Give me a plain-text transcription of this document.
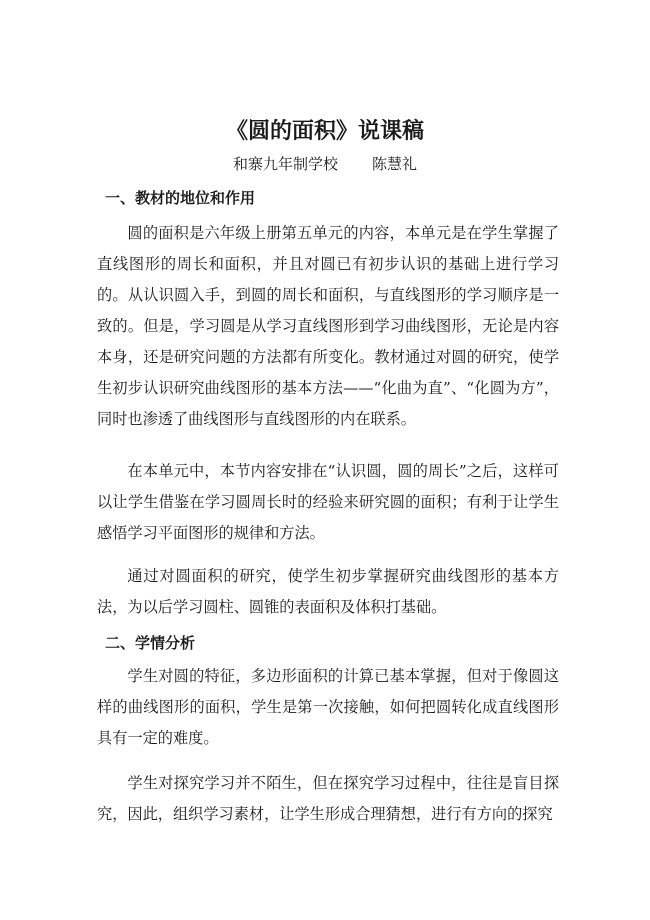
《圆的面积》说课稿
和寨九年制学校 陈慧礼
一、教材的地位和作用

圆的面积是六年级上册第五单元的内容，本单元是在学生掌握了直线图形的周长和面积，并且对圆已有初步认识的基础上进行学习的。从认识圆入手，到圆的周长和面积，与直线图形的学习顺序是一致的。但是，学习圆是从学习直线图形到学习曲线图形，无论是内容本身，还是研究问题的方法都有所变化。教材通过对圆的研究，使学生初步认识研究曲线图形的基本方法——“化曲为直”、“化圆为方”，同时也渗透了曲线图形与直线图形的内在联系。

在本单元中，本节内容安排在“认识圆，圆的周长”之后，这样可以让学生借鉴在学习圆周长时的经验来研究圆的面积；有利于让学生感悟学习平面图形的规律和方法。

通过对圆面积的研究，使学生初步掌握研究曲线图形的基本方法，为以后学习圆柱、圆锥的表面积及体积打基础。

二、学情分析

学生对圆的特征，多边形面积的计算已基本掌握，但对于像圆这样的曲线图形的面积，学生是第一次接触，如何把圆转化成直线图形具有一定的难度。

学生对探究学习并不陌生，但在探究学习过程中，往往是盲目探究，因此，组织学习素材，让学生形成合理猜想，进行有方向的探究
